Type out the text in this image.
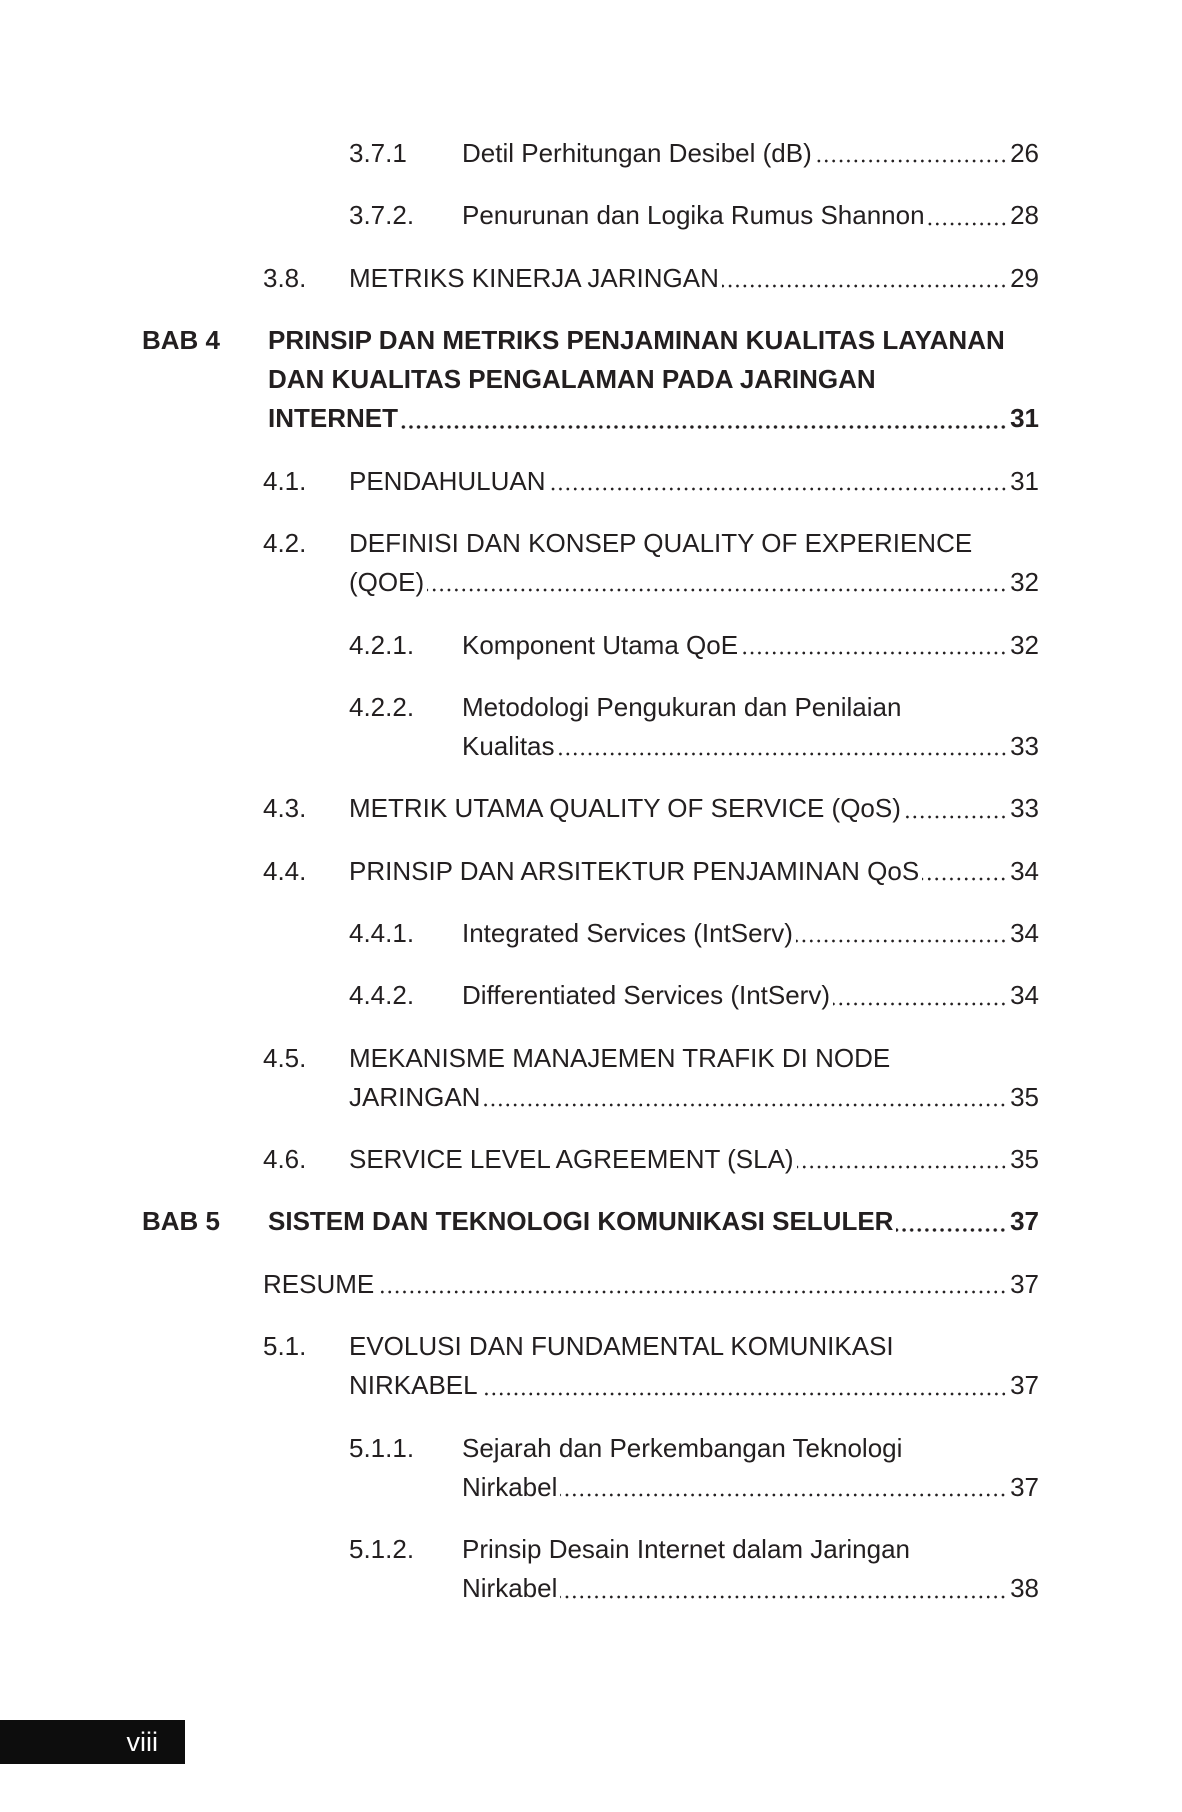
3.7.1 Detil Perhitungan Desibel (dB)	26
3.7.2. Penurunan dan Logika Rumus Shannon	28
3.8. METRIKS KINERJA JARINGAN	29
BAB 4 PRINSIP DAN METRIKS PENJAMINAN KUALITAS LAYANAN
DAN KUALITAS PENGALAMAN PADA JARINGAN
INTERNET	31
4.1. PENDAHULUAN	31
4.2. DEFINISI DAN KONSEP QUALITY OF EXPERIENCE
(QOE)	32
4.2.1. Komponent Utama QoE	32
4.2.2. Metodologi Pengukuran dan Penilaian
Kualitas	33
4.3. METRIK UTAMA QUALITY OF SERVICE (QoS)	33
4.4. PRINSIP DAN ARSITEKTUR PENJAMINAN QoS	34
4.4.1. Integrated Services (IntServ)	34
4.4.2. Differentiated Services (IntServ)	34
4.5. MEKANISME MANAJEMEN TRAFIK DI NODE
JARINGAN	35
4.6. SERVICE LEVEL AGREEMENT (SLA)	35
BAB 5 SISTEM DAN TEKNOLOGI KOMUNIKASI SELULER	37
RESUME	37
5.1. EVOLUSI DAN FUNDAMENTAL KOMUNIKASI
NIRKABEL	37
5.1.1. Sejarah dan Perkembangan Teknologi
Nirkabel	37
5.1.2. Prinsip Desain Internet dalam Jaringan
Nirkabel	38
viii
